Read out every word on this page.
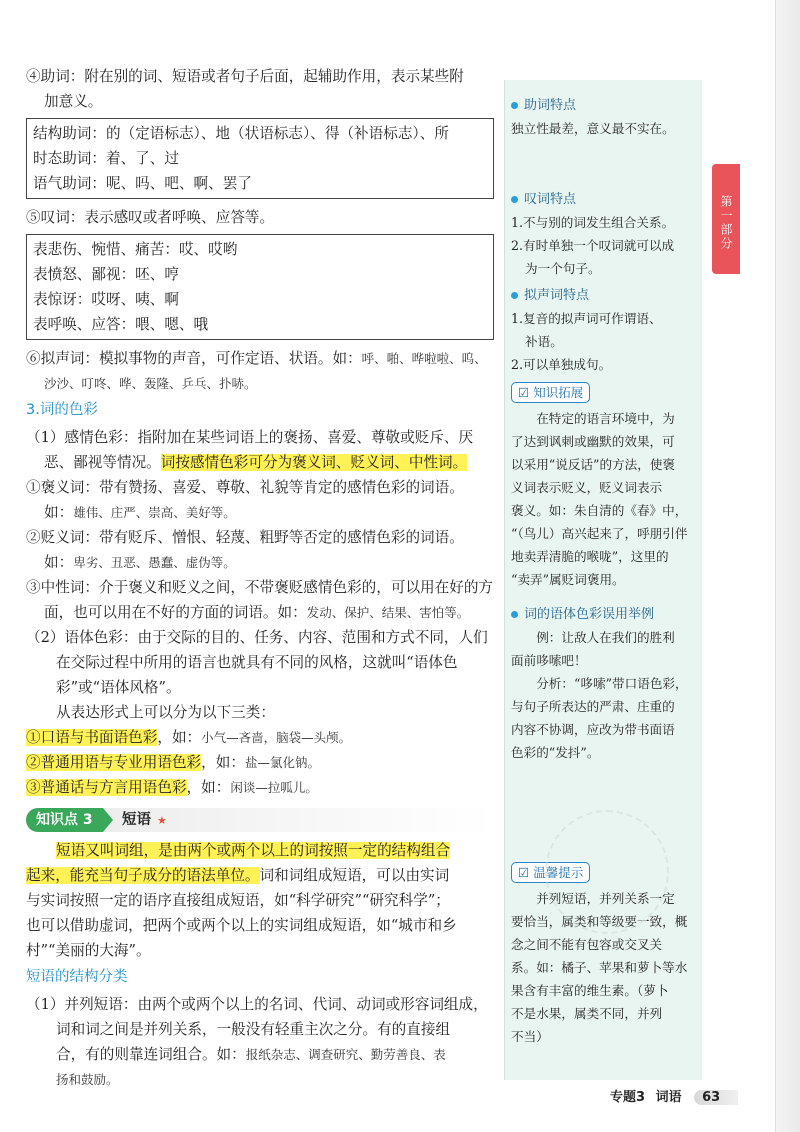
④助词：附在别的词、短语或者句子后面，起辅助作用，表示某些附

加意义。

结构助词：的（定语标志）、地（状语标志）、得（补语标志）、所
时态助词：着、了、过
语气助词：呢、吗、吧、啊、罢了

⑤叹词：表示感叹或者呼唤、应答等。

表悲伤、惋惜、痛苦：哎、哎哟
表愤怒、鄙视：呸、哼
表惊讶：哎呀、咦、啊
表呼唤、应答：喂、嗯、哦

⑥拟声词：模拟事物的声音，可作定语、状语。如：呼、啪、哗啦啦、呜、

沙沙、叮咚、哗、轰隆、乒乓、扑哧。

3.词的色彩

（1）感情色彩：指附加在某些词语上的褒扬、喜爱、尊敬或贬斥、厌

恶、鄙视等情况。词按感情色彩可分为褒义词、贬义词、中性词。

①褒义词：带有赞扬、喜爱、尊敬、礼貌等肯定的感情色彩的词语。

如：雄伟、庄严、崇高、美好等。

②贬义词：带有贬斥、憎恨、轻蔑、粗野等否定的感情色彩的词语。

如：卑劣、丑恶、愚蠢、虚伪等。

③中性词：介于褒义和贬义之间，不带褒贬感情色彩的，可以用在好的方

面，也可以用在不好的方面的词语。如：发动、保护、结果、害怕等。

（2）语体色彩：由于交际的目的、任务、内容、范围和方式不同，人们

在交际过程中所用的语言也就具有不同的风格，这就叫“语体色

彩”或“语体风格”。

从表达形式上可以分为以下三类：

①口语与书面语色彩，如：小气—吝啬，脑袋—头颅。

②普通用语与专业用语色彩，如：盐—氯化钠。

③普通话与方言用语色彩，如：闲谈—拉呱儿。

知识点 3	短语 ★

短语又叫词组，是由两个或两个以上的词按照一定的结构组合

起来，能充当句子成分的语法单位。词和词组成短语，可以由实词

与实词按照一定的语序直接组成短语，如“科学研究”“研究科学”；

也可以借助虚词，把两个或两个以上的实词组成短语，如“城市和乡

村”“美丽的大海”。

短语的结构分类

（1）并列短语：由两个或两个以上的名词、代词、动词或形容词组成，

词和词之间是并列关系，一般没有轻重主次之分。有的直接组

合，有的则靠连词组合。如：报纸杂志、调查研究、勤劳善良、表

扬和鼓励。

助词特点

独立性最差，意义最不实在。

叹词特点

1.不与别的词发生组合关系。

2.有时单独一个叹词就可以成

为一个句子。

拟声词特点

1.复音的拟声词可作谓语、

补语。

2.可以单独成句。

☑ 知识拓展

在特定的语言环境中，为

了达到讽刺或幽默的效果，可

以采用“说反话”的方法，使褒

义词表示贬义，贬义词表示

褒义。如：朱自清的《春》中，

“（鸟儿）高兴起来了，呼朋引伴

地卖弄清脆的喉咙”，这里的

“卖弄”属贬词褒用。

词的语体色彩误用举例

例：让敌人在我们的胜利

面前哆嗦吧！

分析：“哆嗦”带口语色彩，

与句子所表达的严肃、庄重的

内容不协调，应改为带书面语

色彩的“发抖”。

☑ 温馨提示

并列短语，并列关系一定

要恰当，属类和等级要一致，概

念之间不能有包容或交叉关

系。如：橘子、苹果和萝卜等水

果含有丰富的维生素。（萝卜

不是水果，属类不同，并列

不当）

第一部分
专题3 词语 63
